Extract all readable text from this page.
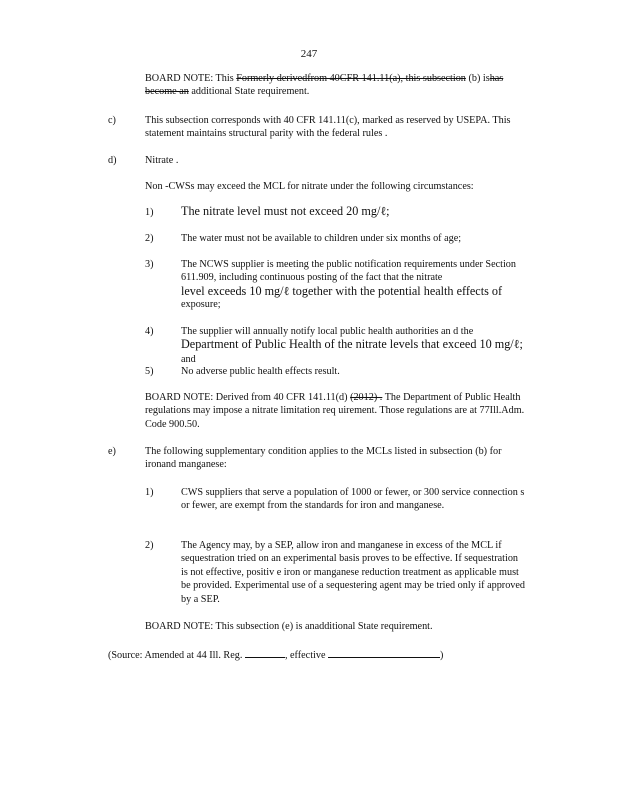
247

BOARD NOTE: This Formerly derivedfrom 40CFR 141.11(a), this subsection (b) ishas become an additional State requirement.

c)	This subsection corresponds with 40 CFR 141.11(c), marked as reserved by USEPA. This statement maintains structural parity with the federal rules .

d)	Nitrate .

Non -CWSs may exceed the MCL for nitrate under the following circumstances:

1) The nitrate level must not exceed 20 mg/ℓ;

2)	The water must not be available to children under six months of age;

3)	The NCWS supplier is meeting the public notification requirements under Section 611.909, including continuous posting of the fact that the nitrate
level exceeds 10 mg/ℓ together with the potential health effects of
exposure;
4)	The supplier will annually notify local public health authorities an d the
Department of Public Health of the nitrate levels that exceed 10 mg/ℓ; and
5)	No adverse public health effects result.

BOARD NOTE: Derived from 40 CFR 141.11(d) (2012) . The Department of Public Health regulations may impose a nitrate limitation req uirement. Those regulations are at 77Ill.Adm. Code 900.50.

e)	The following supplementary condition applies to the MCLs listed in subsection (b) for ironand manganese:

1)	CWS suppliers that serve a population of 1000 or fewer, or 300 service connection s or fewer, are exempt from the standards for iron and manganese.

2)	The Agency may, by a SEP, allow iron and manganese in excess of the MCL if sequestration tried on an experimental basis proves to be effective. If sequestration is not effective, positiv e iron or manganese reduction treatment as applicable must be provided. Experimental use of a sequestering agent may be tried only if approved by a SEP.

BOARD NOTE: This subsection (e) is anadditional State requirement.

(Source: Amended at 44 Ill. Reg.	, effective	)
